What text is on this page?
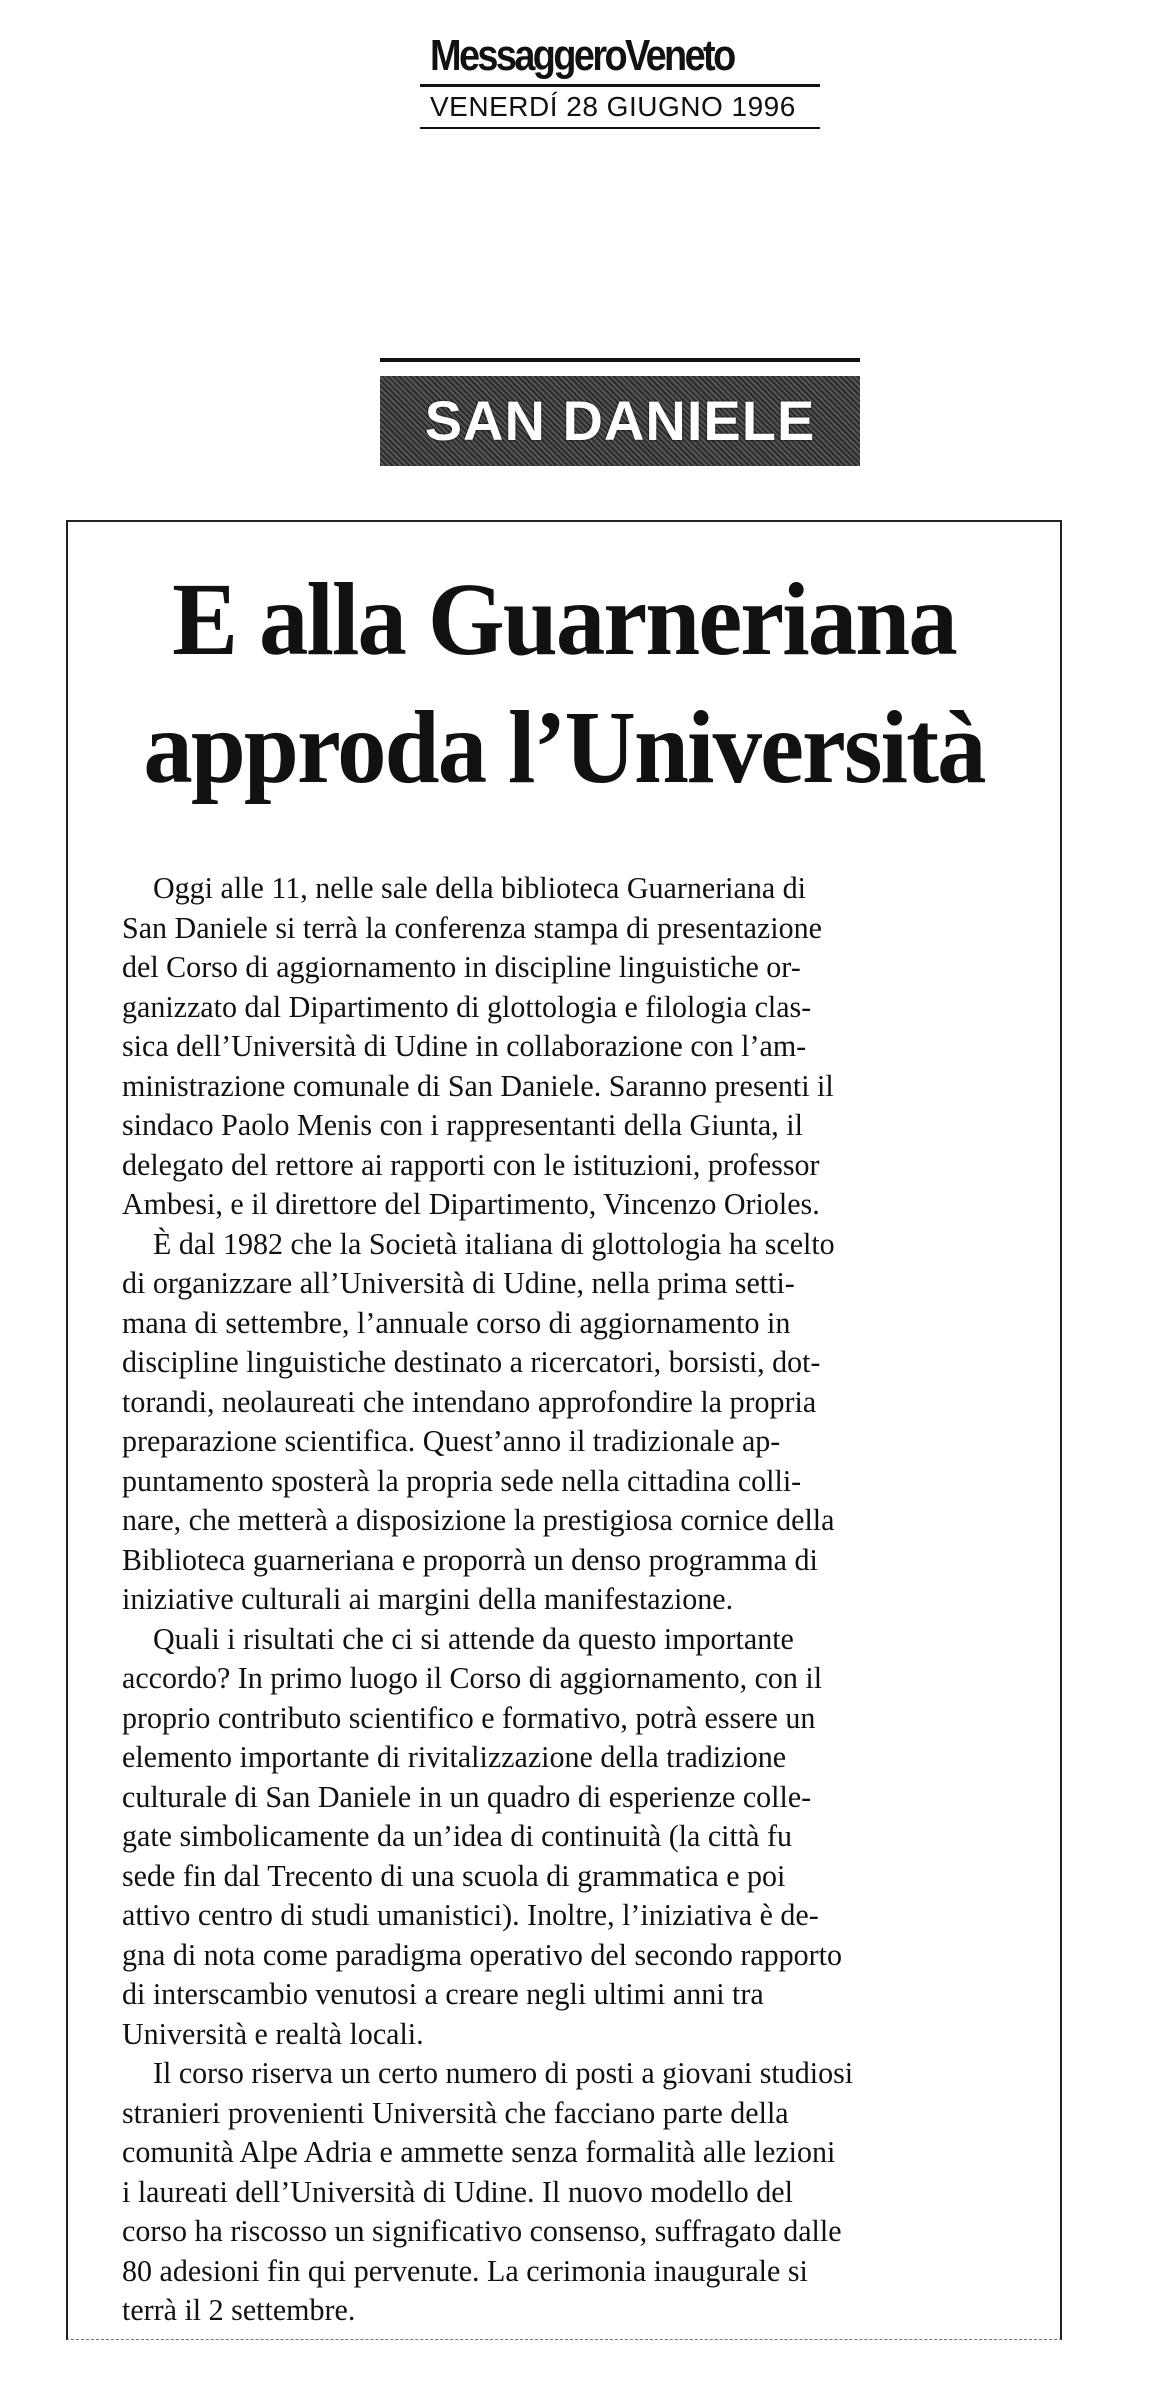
MessaggeroVeneto
VENERDÍ 28 GIUGNO 1996
SAN DANIELE
E alla Guarneriana
approda l’Università
Oggi alle 11, nelle sale della biblioteca Guarneriana di
San Daniele si terrà la conferenza stampa di presentazione
del Corso di aggiornamento in discipline linguistiche or-
ganizzato dal Dipartimento di glottologia e filologia clas-
sica dell’Università di Udine in collaborazione con l’am-
ministrazione comunale di San Daniele. Saranno presenti il
sindaco Paolo Menis con i rappresentanti della Giunta, il
delegato del rettore ai rapporti con le istituzioni, professor
Ambesi, e il direttore del Dipartimento, Vincenzo Orioles.
È dal 1982 che la Società italiana di glottologia ha scelto
di organizzare all’Università di Udine, nella prima setti-
mana di settembre, l’annuale corso di aggiornamento in
discipline linguistiche destinato a ricercatori, borsisti, dot-
torandi, neolaureati che intendano approfondire la propria
preparazione scientifica. Quest’anno il tradizionale ap-
puntamento sposterà la propria sede nella cittadina colli-
nare, che metterà a disposizione la prestigiosa cornice della
Biblioteca guarneriana e proporrà un denso programma di
iniziative culturali ai margini della manifestazione.
Quali i risultati che ci si attende da questo importante
accordo? In primo luogo il Corso di aggiornamento, con il
proprio contributo scientifico e formativo, potrà essere un
elemento importante di rivitalizzazione della tradizione
culturale di San Daniele in un quadro di esperienze colle-
gate simbolicamente da un’idea di continuità (la città fu
sede fin dal Trecento di una scuola di grammatica e poi
attivo centro di studi umanistici). Inoltre, l’iniziativa è de-
gna di nota come paradigma operativo del secondo rapporto
di interscambio venutosi a creare negli ultimi anni tra
Università e realtà locali.
Il corso riserva un certo numero di posti a giovani studiosi
stranieri provenienti Università che facciano parte della
comunità Alpe Adria e ammette senza formalità alle lezioni
i laureati dell’Università di Udine. Il nuovo modello del
corso ha riscosso un significativo consenso, suffragato dalle
80 adesioni fin qui pervenute. La cerimonia inaugurale si
terrà il 2 settembre.
